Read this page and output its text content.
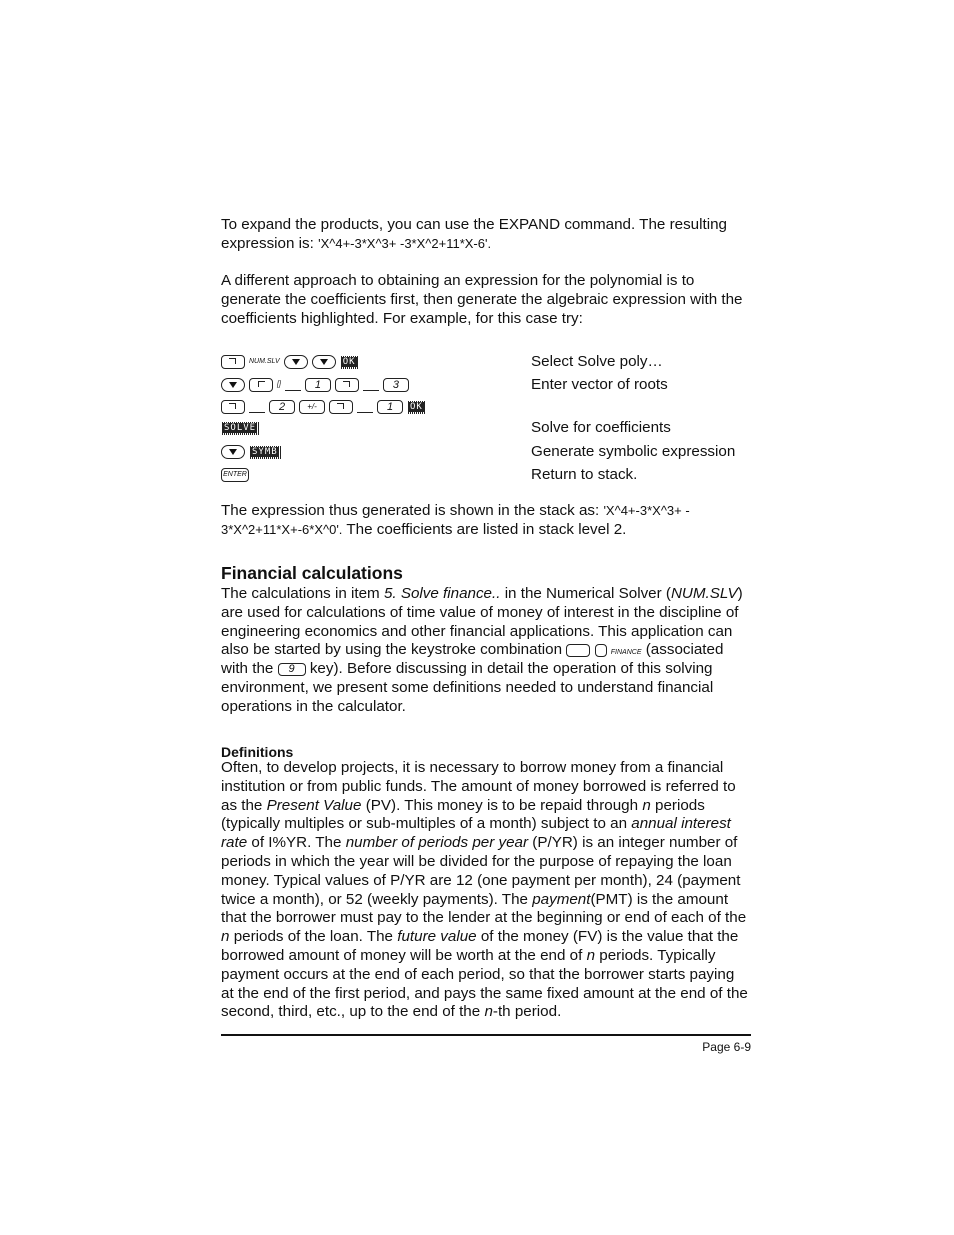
To expand the products, you can use the EXPAND command. The resulting expression is: 'X^4+-3*X^3+ -3*X^2+11*X-6'.

A different approach to obtaining an expression for the polynomial is to generate the coefficients first, then generate the algebraic expression with the coefficients highlighted. For example, for this case try:

NUM.SLV	OK	Select Solve poly…
[]	1	3	Enter vector of roots
2	+/-	1	OK
SOLVE	Solve for coefficients
SYMB	Generate symbolic expression
ENTER	Return to stack.

The expression thus generated is shown in the stack as: 'X^4+-3*X^3+ - 3*X^2+11*X+-6*X^0'. The coefficients are listed in stack level 2.

Financial calculations

The calculations in item 5. Solve finance.. in the Numerical Solver (NUM.SLV) are used for calculations of time value of money of interest in the discipline of engineering economics and other financial applications. This application can also be started by using the keystroke combination	FINANCE (associated with the 9 key). Before discussing in detail the operation of this solving environment, we present some definitions needed to understand financial operations in the calculator.

Definitions

Often, to develop projects, it is necessary to borrow money from a financial institution or from public funds. The amount of money borrowed is referred to as the Present Value (PV). This money is to be repaid through n periods (typically multiples or sub-multiples of a month) subject to an annual interest rate of I%YR. The number of periods per year (P/YR) is an integer number of periods in which the year will be divided for the purpose of repaying the loan money. Typical values of P/YR are 12 (one payment per month), 24 (payment twice a month), or 52 (weekly payments). The payment(PMT) is the amount that the borrower must pay to the lender at the beginning or end of each of the n periods of the loan. The future value of the money (FV) is the value that the borrowed amount of money will be worth at the end of n periods. Typically payment occurs at the end of each period, so that the borrower starts paying at the end of the first period, and pays the same fixed amount at the end of the second, third, etc., up to the end of the n-th period.

Page 6-9
